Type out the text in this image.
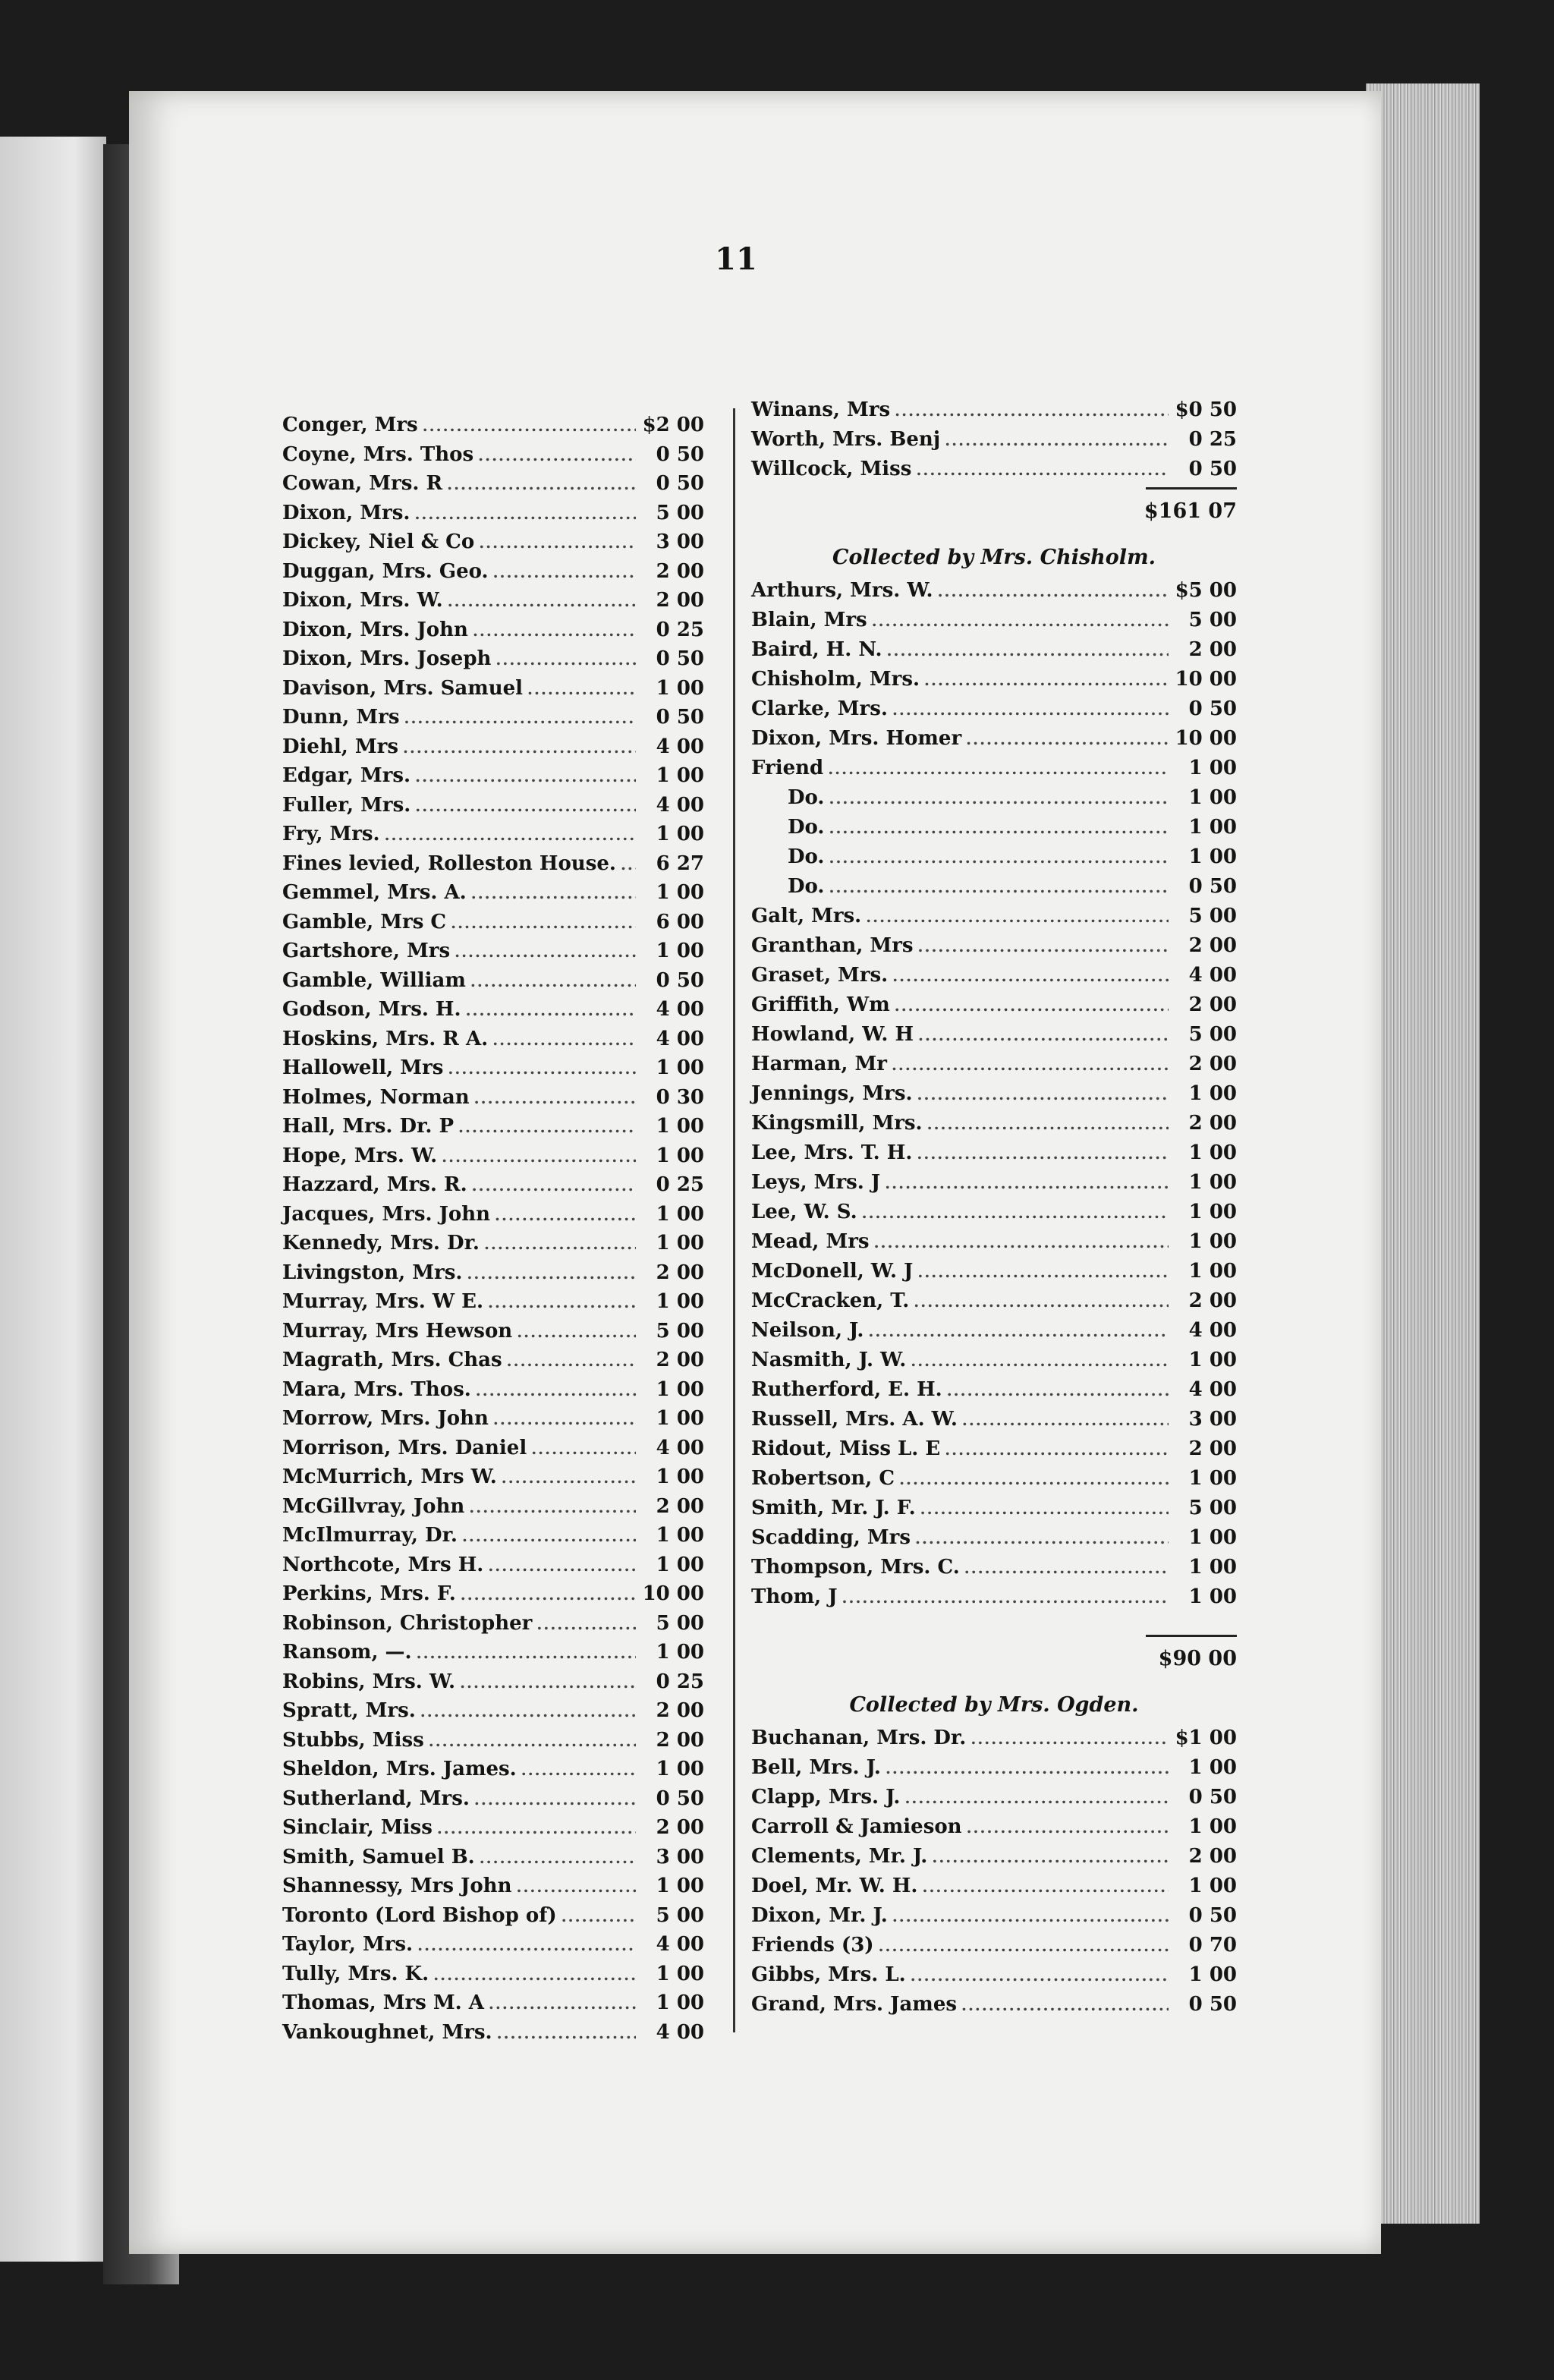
11
Conger, Mrs .....	$2 00
Coyne, Mrs. Thos .....	0 50
Cowan, Mrs. R .....	0 50
Dixon, Mrs. .....	5 00
Dickey, Niel & Co .....	3 00
Duggan, Mrs. Geo. .....	2 00
Dixon, Mrs. W. .....	2 00
Dixon, Mrs. John .....	0 25
Dixon, Mrs. Joseph .....	0 50
Davison, Mrs. Samuel .....	1 00
Dunn, Mrs .....	0 50
Diehl, Mrs .....	4 00
Edgar, Mrs. .....	1 00
Fuller, Mrs. .....	4 00
Fry, Mrs. .....	1 00
Fines levied, Rolleston House. .....	6 27
Gemmel, Mrs. A. .....	1 00
Gamble, Mrs C .....	6 00
Gartshore, Mrs .....	1 00
Gamble, William .....	0 50
Godson, Mrs. H. .....	4 00
Hoskins, Mrs. R A. .....	4 00
Hallowell, Mrs .....	1 00
Holmes, Norman .....	0 30
Hall, Mrs. Dr. P .....	1 00
Hope, Mrs. W. .....	1 00
Hazzard, Mrs. R. .....	0 25
Jacques, Mrs. John .....	1 00
Kennedy, Mrs. Dr. .....	1 00
Livingston, Mrs. .....	2 00
Murray, Mrs. W E. .....	1 00
Murray, Mrs Hewson .....	5 00
Magrath, Mrs. Chas .....	2 00
Mara, Mrs. Thos. .....	1 00
Morrow, Mrs. John .....	1 00
Morrison, Mrs. Daniel .....	4 00
McMurrich, Mrs W. .....	1 00
McGillvray, John .....	2 00
McIlmurray, Dr. .....	1 00
Northcote, Mrs H. .....	1 00
Perkins, Mrs. F. .....	10 00
Robinson, Christopher .....	5 00
Ransom, —. .....	1 00
Robins, Mrs. W. .....	0 25
Spratt, Mrs. .....	2 00
Stubbs, Miss .....	2 00
Sheldon, Mrs. James. .....	1 00
Sutherland, Mrs. .....	0 50
Sinclair, Miss .....	2 00
Smith, Samuel B. .....	3 00
Shannessy, Mrs John .....	1 00
Toronto (Lord Bishop of) .....	5 00
Taylor, Mrs. .....	4 00
Tully, Mrs. K. .....	1 00
Thomas, Mrs M. A .....	1 00
Vankoughnet, Mrs. .....	4 00
Winans, Mrs .....	$0 50
Worth, Mrs. Benj .....	0 25
Willcock, Miss .....	0 50
$161 07
Collected by Mrs. Chisholm.
Arthurs, Mrs. W. .....	$5 00
Blain, Mrs .....	5 00
Baird, H. N. .....	2 00
Chisholm, Mrs. .....	10 00
Clarke, Mrs. .....	0 50
Dixon, Mrs. Homer .....	10 00
Friend .....	1 00
Do. .....	1 00
Do. .....	1 00
Do. .....	1 00
Do. .....	0 50
Galt, Mrs. .....	5 00
Granthan, Mrs .....	2 00
Graset, Mrs. .....	4 00
Griffith, Wm .....	2 00
Howland, W. H .....	5 00
Harman, Mr .....	2 00
Jennings, Mrs. .....	1 00
Kingsmill, Mrs. .....	2 00
Lee, Mrs. T. H. .....	1 00
Leys, Mrs. J .....	1 00
Lee, W. S. .....	1 00
Mead, Mrs .....	1 00
McDonell, W. J .....	1 00
McCracken, T. .....	2 00
Neilson, J. .....	4 00
Nasmith, J. W. .....	1 00
Rutherford, E. H. .....	4 00
Russell, Mrs. A. W. .....	3 00
Ridout, Miss L. E .....	2 00
Robertson, C .....	1 00
Smith, Mr. J. F. .....	5 00
Scadding, Mrs .....	1 00
Thompson, Mrs. C. .....	1 00
Thom, J .....	1 00
$90 00
Collected by Mrs. Ogden.
Buchanan, Mrs. Dr. .....	$1 00
Bell, Mrs. J. .....	1 00
Clapp, Mrs. J. .....	0 50
Carroll & Jamieson .....	1 00
Clements, Mr. J. .....	2 00
Doel, Mr. W. H. .....	1 00
Dixon, Mr. J. .....	0 50
Friends (3) .....	0 70
Gibbs, Mrs. L. .....	1 00
Grand, Mrs. James .....	0 50
